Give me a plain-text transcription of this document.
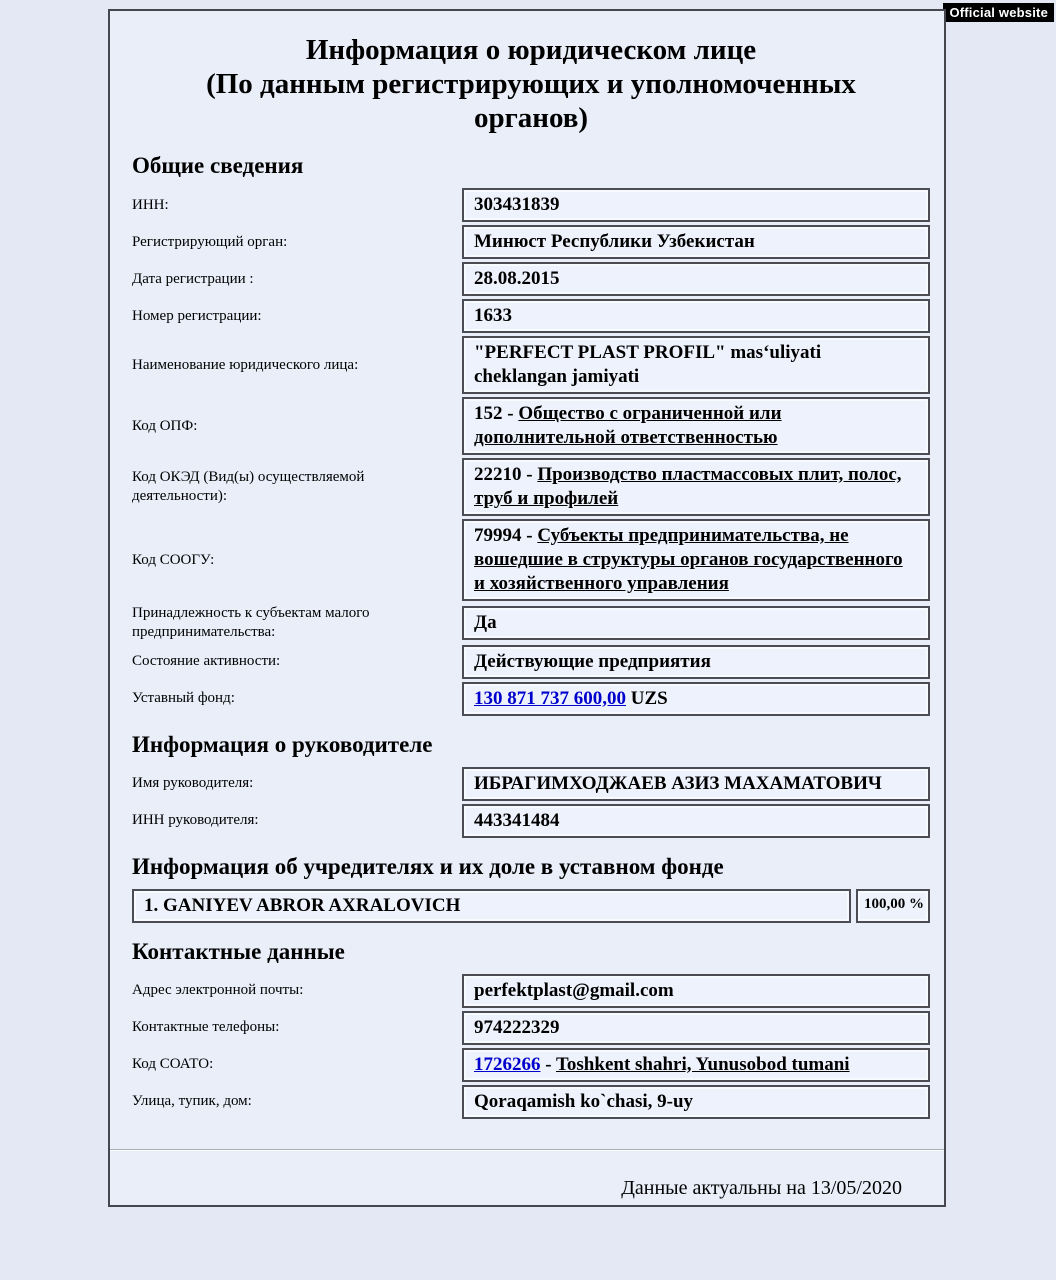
Official website
Информация о юридическом лице
(По данным регистрирующих и уполномоченных органов)
Общие сведения
ИНН:	303431839
Регистрирующий орган:	Минюст Республики Узбекистан
Дата регистрации :	28.08.2015
Номер регистрации:	1633
Наименование юридического лица:
"PERFECT PLAST PROFIL" mas‘uliyati cheklangan jamiyati
Код ОПФ:
152 - Общество с ограниченной или дополнительной ответственностью
Код ОКЭД (Вид(ы) осуществляемой деятельности):
22210 - Производство пластмассовых плит, полос, труб и профилей
Код СООГУ:
79994 - Субъекты предпринимательства, не вошедшие в структуры органов государственного и хозяйственного управления
Принадлежность к субъектам малого предпринимательства:	Да
Состояние активности:	Действующие предприятия
Уставный фонд:	130 871 737 600,00 UZS
Информация о руководителе
Имя руководителя:	ИБРАГИМХОДЖАЕВ АЗИЗ МАХАМАТОВИЧ
ИНН руководителя:	443341484
Информация об учредителях и их доле в уставном фонде
1. GANIYEV ABROR AXRALOVICH	100,00 %
Контактные данные
Адрес электронной почты:	perfektplast@gmail.com
Контактные телефоны:	974222329
Код СОАТО:	1726266 - Toshkent shahri, Yunusobod tumani
Улица, тупик, дом:	Qoraqamish ko`chasi, 9-uy
Данные актуальны на 13/05/2020
